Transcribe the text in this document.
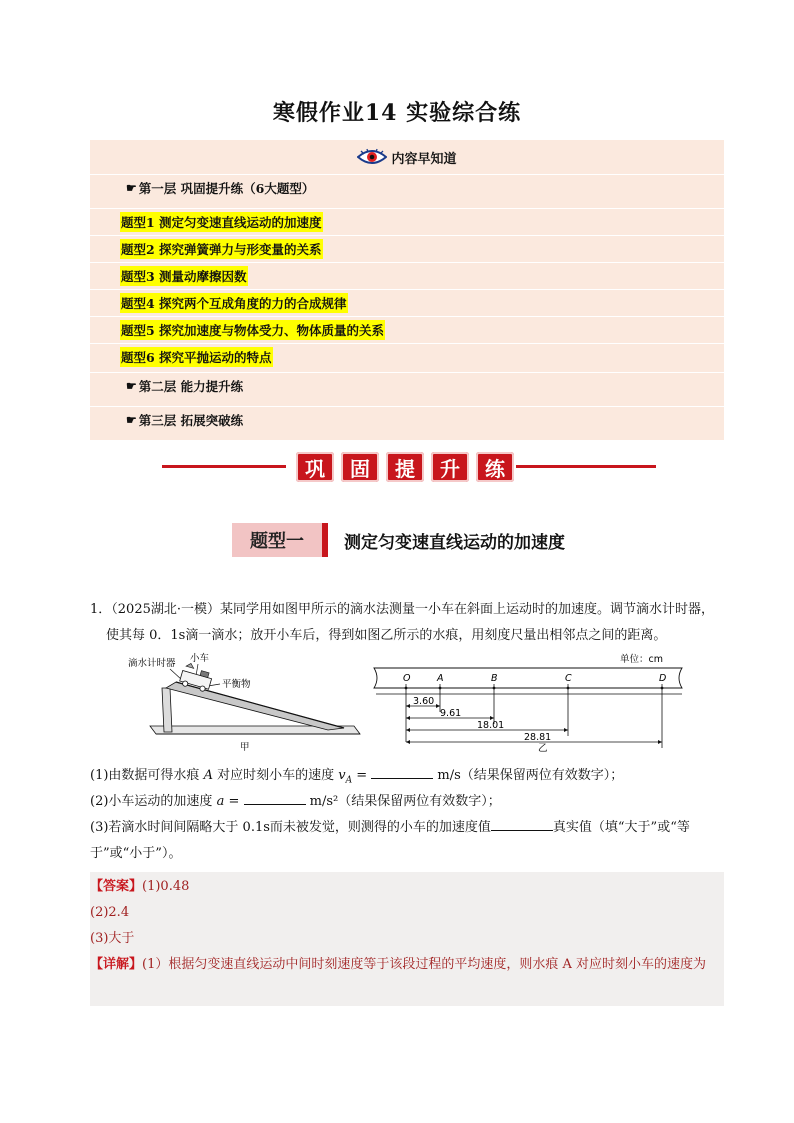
寒假作业14 实验综合练
内容早知道
☛ 第一层 巩固提升练（6大题型）
题型1 测定匀变速直线运动的加速度
题型2 探究弹簧弹力与形变量的关系
题型3 测量动摩擦因数
题型4 探究两个互成角度的力的合成规律
题型5 探究加速度与物体受力、物体质量的关系
题型6 探究平抛运动的特点
☛ 第二层 能力提升练
☛ 第三层 拓展突破练
巩	固	提	升	练
题型一	测定匀变速直线运动的加速度
1．（2025湖北·一模）某同学用如图甲所示的滴水法测量一小车在斜面上运动时的加速度。调节滴水计时器，使其每 0．1s滴一滴水；放开小车后，得到如图乙所示的水痕，用刻度尺量出相邻点之间的距离。
滴水计时器 小车
平衡物
甲
单位：cm
O	A	B	C	D
3.60
9.61
18.01
28.81
乙
(1)由数据可得水痕 A 对应时刻小车的速度 $v_A$ =	m/s（结果保留两位有效数字）；
(2)小车运动的加速度 a =	m/s²（结果保留两位有效数字）；
(3)若滴水时间间隔略大于 0.1s而未被发觉，则测得的小车的加速度值	真实值（填“大于”或“等于”或“小于”）。
【答案】(1)0.48
(2)2.4
(3)大于
【详解】(1）根据匀变速直线运动中间时刻速度等于该段过程的平均速度，则水痕 A 对应时刻小车的速度为
